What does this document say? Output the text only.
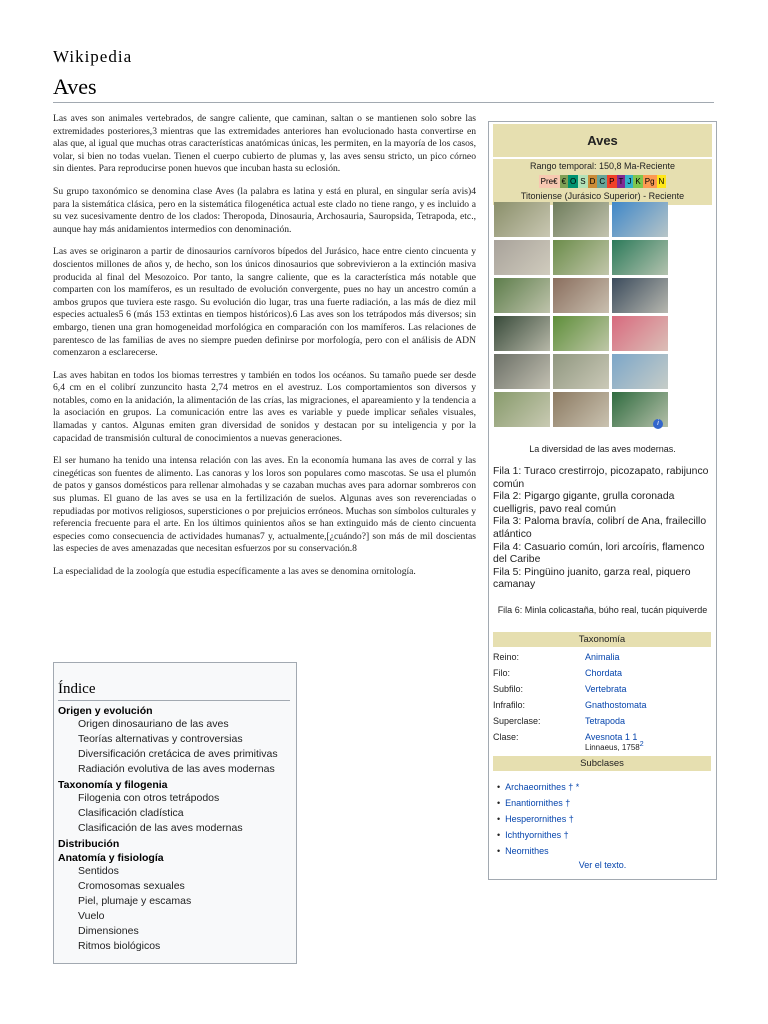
Wikipedia
Aves

Las aves son animales vertebrados, de sangre caliente, que caminan, saltan o se mantienen solo sobre las extremidades posteriores,3 mientras que las extremidades anteriores han evolucionado hasta convertirse en alas que, al igual que muchas otras características anatómicas únicas, les permiten, en la mayoría de los casos, volar, si bien no todas vuelan. Tienen el cuerpo cubierto de plumas y, las aves sensu stricto, un pico córneo sin dientes. Para reproducirse ponen huevos que incuban hasta su eclosión.

Su grupo taxonómico se denomina clase Aves (la palabra es latina y está en plural, en singular sería avis)4 para la sistemática clásica, pero en la sistemática filogenética actual este clado no tiene rango, y es incluido a su vez sucesivamente dentro de los clados: Theropoda, Dinosauria, Archosauria, Sauropsida, Tetrapoda, etc., aunque hay más anidamientos intermedios con denominación.

Las aves se originaron a partir de dinosaurios carnívoros bípedos del Jurásico, hace entre ciento cincuenta y doscientos millones de años y, de hecho, son los únicos dinosaurios que sobrevivieron a la extinción masiva producida al final del Mesozoico. Por tanto, la sangre caliente, que es la característica más notable que comparten con los mamíferos, es un resultado de evolución convergente, pues no hay un ancestro común a ambos grupos que tuviera este rasgo. Su evolución dio lugar, tras una fuerte radiación, a las más de diez mil especies actuales5 6 (más 153 extintas en tiempos históricos).6 Las aves son los tetrápodos más diversos; sin embargo, tienen una gran homogeneidad morfológica en comparación con los mamíferos. Las relaciones de parentesco de las familias de aves no siempre pueden definirse por morfología, pero con el análisis de ADN comenzaron a esclarecerse.

Las aves habitan en todos los biomas terrestres y también en todos los océanos. Su tamaño puede ser desde 6,4 cm en el colibrí zunzuncito hasta 2,74 metros en el avestruz. Los comportamientos son diversos y notables, como en la anidación, la alimentación de las crías, las migraciones, el apareamiento y la tendencia a la asociación en grupos. La comunicación entre las aves es variable y puede implicar señales visuales, llamadas y cantos. Algunas emiten gran diversidad de sonidos y destacan por su inteligencia y por la capacidad de transmisión cultural de conocimientos a nuevas generaciones.

El ser humano ha tenido una intensa relación con las aves. En la economía humana las aves de corral y las cinegéticas son fuentes de alimento. Las canoras y los loros son populares como mascotas. Se usa el plumón de patos y gansos domésticos para rellenar almohadas y se cazaban muchas aves para adornar sombreros con sus plumas. El guano de las aves se usa en la fertilización de suelos. Algunas aves son reverenciadas o repudiadas por motivos religiosos, supersticiones o por prejuicios erróneos. Muchas son símbolos culturales y referencia frecuente para el arte. En los últimos quinientos años se han extinguido más de ciento cincuenta especies como consecuencia de actividades humanas7 y, actualmente,[¿cuándo?] son más de mil doscientas las especies de aves amenazadas que necesitan esfuerzos por su conservación.8

La especialidad de la zoología que estudia específicamente a las aves se denomina ornitología.

Índice
Origen y evolución
Origen dinosauriano de las aves
Teorías alternativas y controversias
Diversificación cretácica de aves primitivas
Radiación evolutiva de las aves modernas
Taxonomía y filogenia
Filogenia con otros tetrápodos
Clasificación cladística
Clasificación de las aves modernas
Distribución
Anatomía y fisiología
Sentidos
Cromosomas sexuales
Piel, plumaje y escamas
Vuelo
Dimensiones
Ritmos biológicos
Aves
Rango temporal: 150,8 Ma-Reciente
Pre€ € O S D C P T J K Pg N
Titoniense (Jurásico Superior) - Reciente
i
La diversidad de las aves modernas.
Fila 1: Turaco crestirrojo, picozapato, rabijunco común
Fila 2: Pigargo gigante, grulla coronada cuelligris, pavo real común
Fila 3: Paloma bravía, colibrí de Ana, frailecillo atlántico
Fila 4: Casuario común, lori arcoíris, flamenco del Caribe
Fila 5: Pingüino juanito, garza real, piquero camanay
Fila 6: Minla colicastaña, búho real, tucán piquiverde
Taxonomía
Reino:	Animalia
Filo:	Chordata
Subfilo:	Vertebrata
Infrafilo:	Gnathostomata
Superclase:	Tetrapoda
Clase:	Avesnota 1 1
Linnaeus, 1758$^2$
Subclases
• Archaeornithes † *
• Enantiornithes †
• Hesperornithes †
• Ichthyornithes †
• Neornithes
Ver el texto.
